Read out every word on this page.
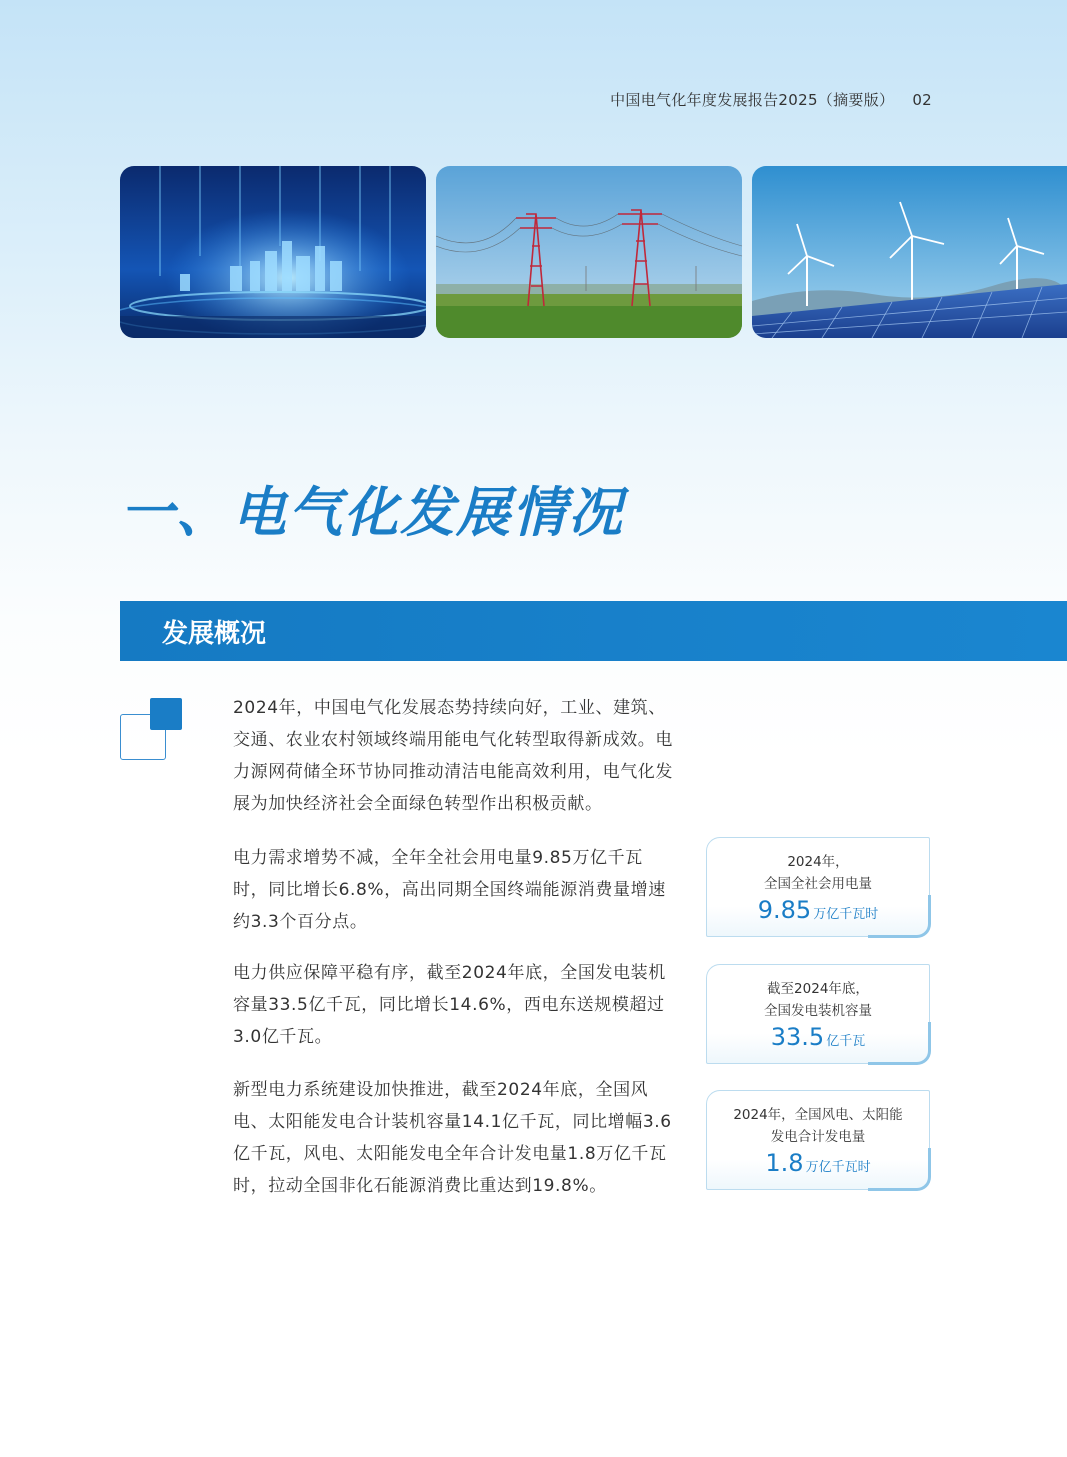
中国电气化年度发展报告2025（摘要版） 02
一、电气化发展情况
发展概况

2024年，中国电气化发展态势持续向好，工业、建筑、交通、农业农村领域终端用能电气化转型取得新成效。电力源网荷储全环节协同推动清洁电能高效利用，电气化发展为加快经济社会全面绿色转型作出积极贡献。

电力需求增势不减，全年全社会用电量9.85万亿千瓦时，同比增长6.8%，高出同期全国终端能源消费量增速约3.3个百分点。

电力供应保障平稳有序，截至2024年底，全国发电装机容量33.5亿千瓦，同比增长14.6%，西电东送规模超过3.0亿千瓦。

新型电力系统建设加快推进，截至2024年底，全国风电、太阳能发电合计装机容量14.1亿千瓦，同比增幅3.6亿千瓦，风电、太阳能发电全年合计发电量1.8万亿千瓦时，拉动全国非化石能源消费比重达到19.8%。

2024年，
全国全社会用电量
9.85 万亿千瓦时
截至2024年底，
全国发电装机容量
33.5 亿千瓦
2024年，全国风电、太阳能
发电合计发电量
1.8 万亿千瓦时
